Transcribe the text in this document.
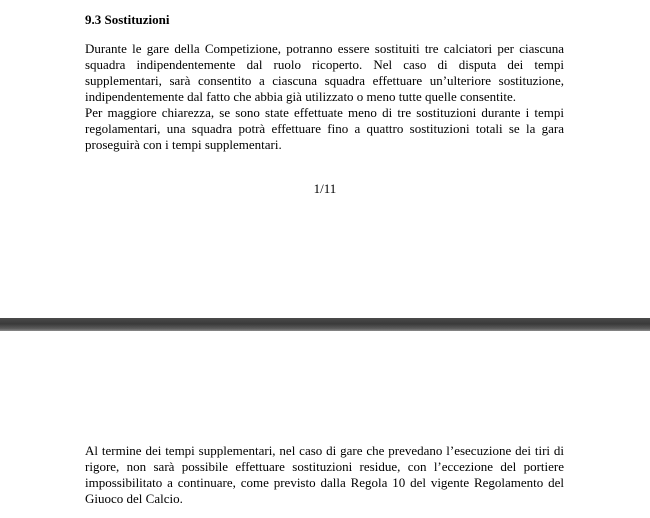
9.3 Sostituzioni

Durante le gare della Competizione, potranno essere sostituiti tre calciatori per ciascuna squadra indipendentemente dal ruolo ricoperto. Nel caso di disputa dei tempi supplementari, sarà consentito a ciascuna squadra effettuare un’ulteriore sostituzione, indipendentemente dal fatto che abbia già utilizzato o meno tutte quelle consentite.

Per maggiore chiarezza, se sono state effettuate meno di tre sostituzioni durante i tempi regolamentari, una squadra potrà effettuare fino a quattro sostituzioni totali se la gara proseguirà con i tempi supplementari.

1/11

Al termine dei tempi supplementari, nel caso di gare che prevedano l’esecuzione dei tiri di rigore, non sarà possibile effettuare sostituzioni residue, con l’eccezione del portiere impossibilitato a continuare, come previsto dalla Regola 10 del vigente Regolamento del Giuoco del Calcio.
